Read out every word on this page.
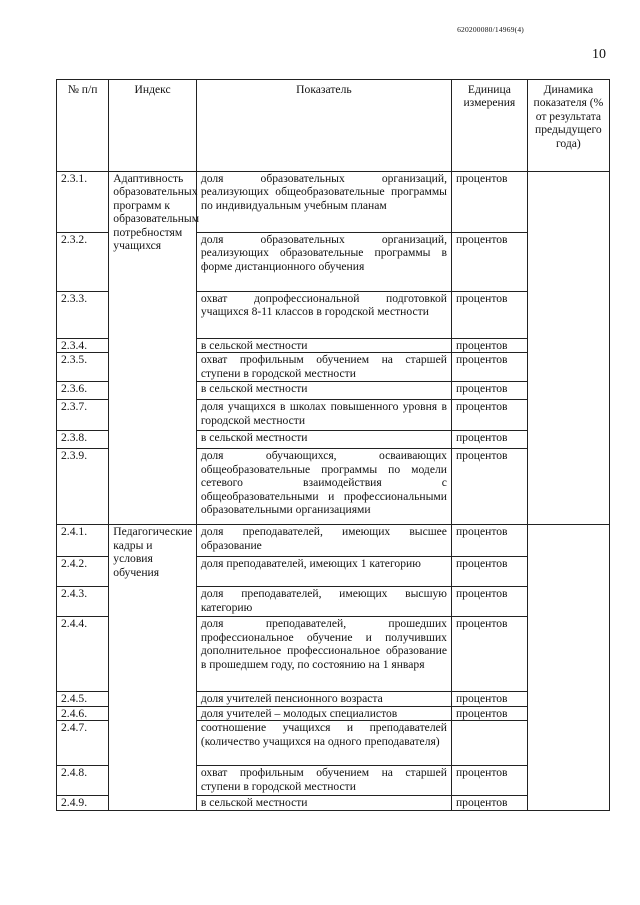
620200080/14969(4)
10
№ п/п	Индекс	Показатель	Единица измерения	Динамика показателя (% от результата предыдущего года)
2.3.1.	Адаптивность образовательных программ к образовательным потребностям учащихся	доля образовательных организаций, реализующих общеобразовательные программы по индивидуальным учебным планам	процентов	
2.3.2.		доля образовательных организаций, реализующих образовательные программы в форме дистанционного обучения	процентов	
2.3.3.		охват допрофессиональной подготовкой учащихся 8-11 классов в городской местности	процентов	
2.3.4.		в сельской местности	процентов	
2.3.5.		охват профильным обучением на старшей ступени в городской местности	процентов	
2.3.6.		в сельской местности	процентов	
2.3.7.		доля учащихся в школах повышенного уровня в городской местности	процентов	
2.3.8.		в сельской местности	процентов	
2.3.9.		доля обучающихся, осваивающих общеобразовательные программы по модели сетевого взаимодействия с общеобразовательными и профессиональными образовательными организациями	процентов	
2.4.1.	Педагогические кадры и условия обучения	доля преподавателей, имеющих высшее образование	процентов	
2.4.2.		доля преподавателей, имеющих 1 категорию	процентов	
2.4.3.		доля преподавателей, имеющих высшую категорию	процентов	
2.4.4.		доля преподавателей, прошедших профессиональное обучение и получивших дополнительное профессиональное образование в прошедшем году, по состоянию на 1 января	процентов	
2.4.5.		доля учителей пенсионного возраста	процентов	
2.4.6.		доля учителей – молодых специалистов	процентов	
2.4.7.		соотношение учащихся и преподавателей (количество учащихся на одного преподавателя)		
2.4.8.		охват профильным обучением на старшей ступени в городской местности	процентов	
2.4.9.		в сельской местности	процентов	
